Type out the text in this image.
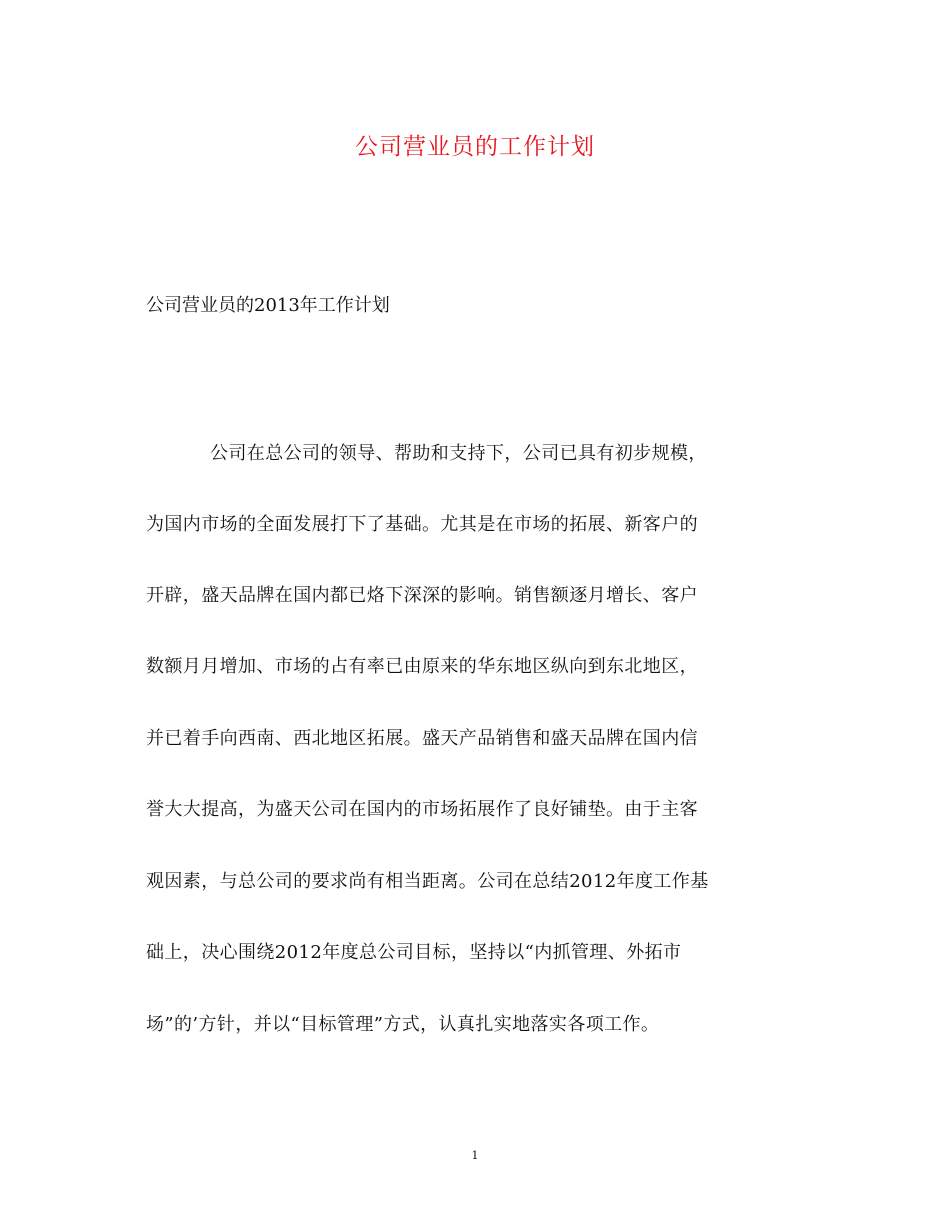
公司营业员的工作计划
公司营业员的2013年工作计划
公司在总公司的领导、帮助和支持下，公司已具有初步规模，
为国内市场的全面发展打下了基础。尤其是在市场的拓展、新客户的
开辟，盛天品牌在国内都已烙下深深的影响。销售额逐月增长、客户
数额月月增加、市场的占有率已由原来的华东地区纵向到东北地区，
并已着手向西南、西北地区拓展。盛天产品销售和盛天品牌在国内信
誉大大提高，为盛天公司在国内的市场拓展作了良好铺垫。由于主客
观因素，与总公司的要求尚有相当距离。公司在总结2012年度工作基
础上，决心围绕2012年度总公司目标，坚持以“内抓管理、外拓市
场”的’方针，并以“目标管理”方式，认真扎实地落实各项工作。
1
